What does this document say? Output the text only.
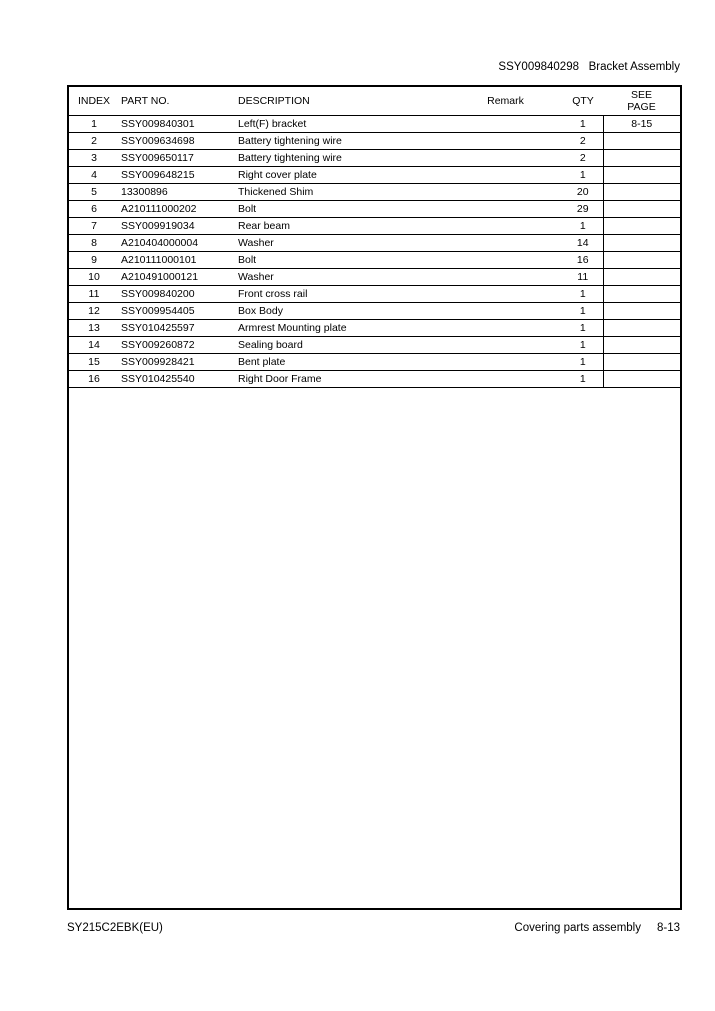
SSY009840298 Bracket Assembly
INDEX	PART NO.	DESCRIPTION	Remark	QTY	SEE
PAGE
1	SSY009840301	Left(F) bracket		1	8-15
2	SSY009634698	Battery tightening wire		2	
3	SSY009650117	Battery tightening wire		2	
4	SSY009648215	Right cover plate		1	
5	13300896	Thickened Shim		20	
6	A210111000202	Bolt		29	
7	SSY009919034	Rear beam		1	
8	A210404000004	Washer		14	
9	A210111000101	Bolt		16	
10	A210491000121	Washer		11	
11	SSY009840200	Front cross rail		1	
12	SSY009954405	Box Body		1	
13	SSY010425597	Armrest Mounting plate		1	
14	SSY009260872	Sealing board		1	
15	SSY009928421	Bent plate		1	
16	SSY010425540	Right Door Frame		1	
SY215C2EBK(EU)	Covering parts assembly 8-13
